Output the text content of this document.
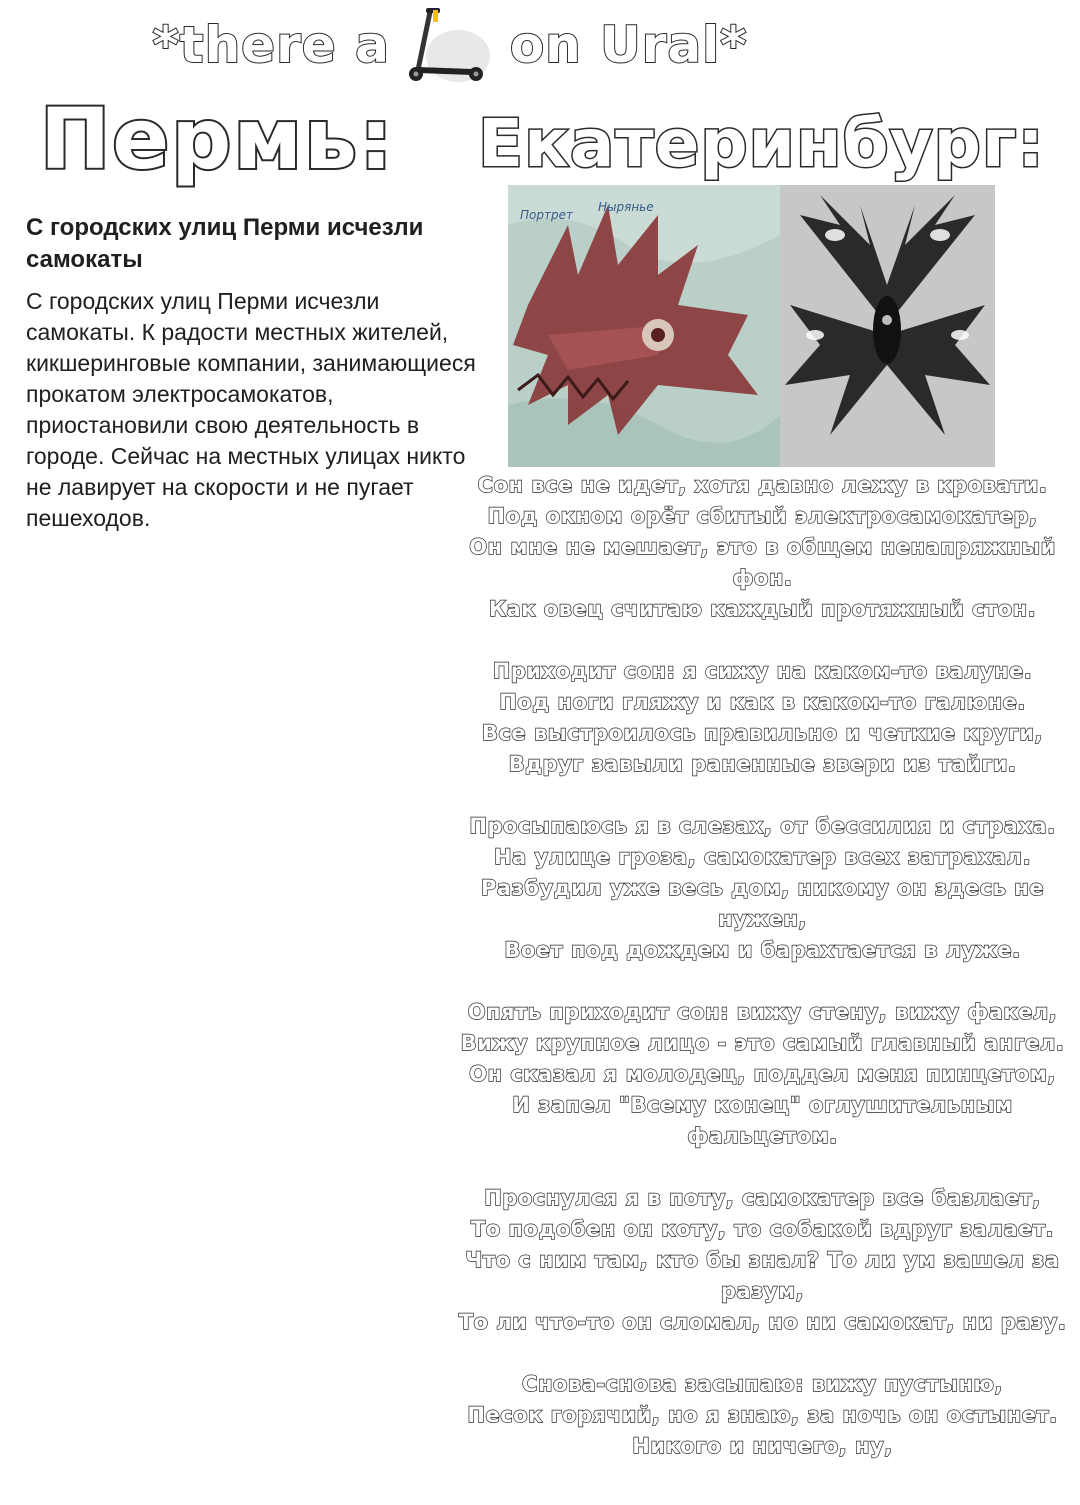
*there a on Ural*
Пермь: Екатеринбург:

С городских улиц Перми исчезли самокаты

С городских улиц Перми исчезли самокаты. К радости местных жителей, кикшеринговые компании, занимающиеся прокатом электросамокатов, приостановили свою деятельность в городе. Сейчас на местных улицах никто не лавирует на скорости и не пугает пешеходов.

Портрет
Нырянье
Сон все не идет, хотя давно лежу в кровати.
Под окном орёт сбитый электросамокатер,
Он мне не мешает, это в общем ненапряжный
фон.
Как овец считаю каждый протяжный стон.
Приходит сон: я сижу на каком-то валуне.
Под ноги гляжу и как в каком-то галюне.
Все выстроилось правильно и четкие круги,
Вдруг завыли раненные звери из тайги.
Просыпаюсь я в слезах, от бессилия и страха.
На улице гроза, самокатер всех затрахал.
Разбудил уже весь дом, никому он здесь не
нужен,
Воет под дождем и барахтается в луже.
Опять приходит сон: вижу стену, вижу факел,
Вижу крупное лицо - это самый главный ангел.
Он сказал я молодец, поддел меня пинцетом,
И запел "Всему конец" оглушительным
фальцетом.
Проснулся я в поту, самокатер все базлает,
То подобен он коту, то собакой вдруг залает.
Что с ним там, кто бы знал? То ли ум зашел за
разум,
То ли что-то он сломал, но ни самокат, ни разу.
Снова-снова засыпаю: вижу пустыню,
Песок горячий, но я знаю, за ночь он остынет.
Никого и ничего, ну,
